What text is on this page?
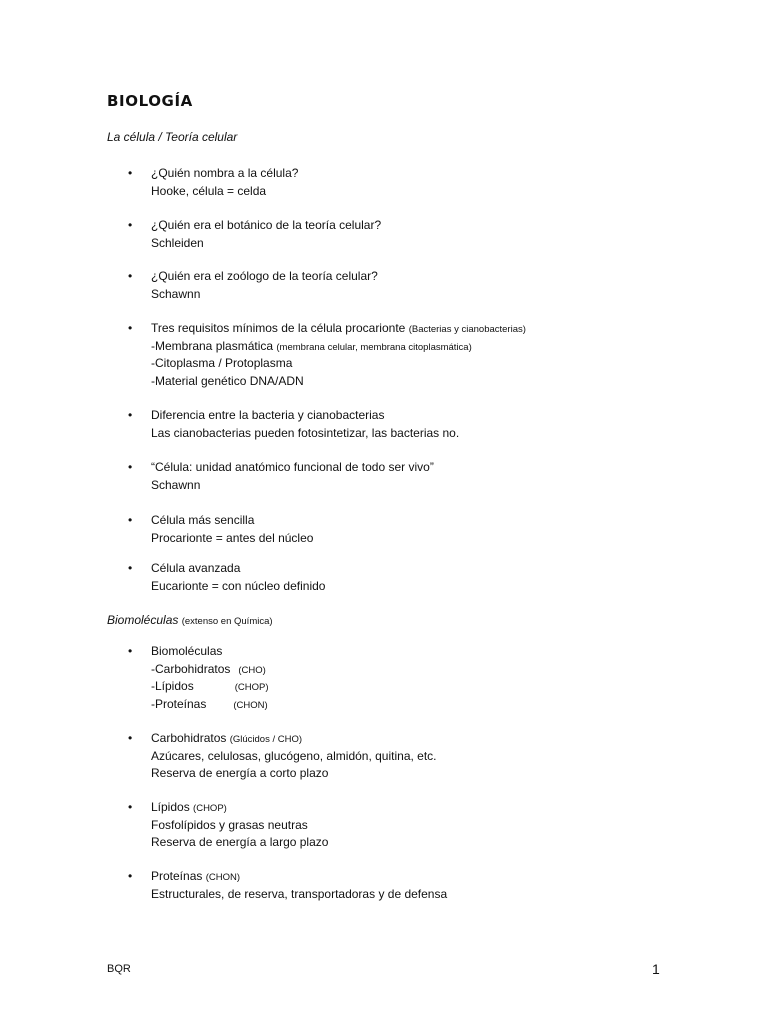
BIOLOGÍA
La célula / Teoría celular
•	¿Quién nombra a la célula?
Hooke, célula = celda
•	¿Quién era el botánico de la teoría celular?
Schleiden
•	¿Quién era el zoólogo de la teoría celular?
Schawnn
•	Tres requisitos mínimos de la célula procarionte (Bacterias y cianobacterias)
-Membrana plasmática (membrana celular, membrana citoplasmática)
-Citoplasma / Protoplasma
-Material genético DNA/ADN
•	Diferencia entre la bacteria y cianobacterias
Las cianobacterias pueden fotosintetizar, las bacterias no.
•	“Célula: unidad anatómico funcional de todo ser vivo”
Schawnn
•	Célula más sencilla
Procarionte = antes del núcleo
•	Célula avanzada
Eucarionte = con núcleo definido
Biomoléculas (extenso en Química)
•	Biomoléculas
-Carbohidratos (CHO)
-Lípidos	(CHOP)
-Proteínas	(CHON)
•	Carbohidratos (Glúcidos / CHO)
Azúcares, celulosas, glucógeno, almidón, quitina, etc.
Reserva de energía a corto plazo
•	Lípidos (CHOP)
Fosfolípidos y grasas neutras
Reserva de energía a largo plazo
•	Proteínas (CHON)
Estructurales, de reserva, transportadoras y de defensa
BQR	1
